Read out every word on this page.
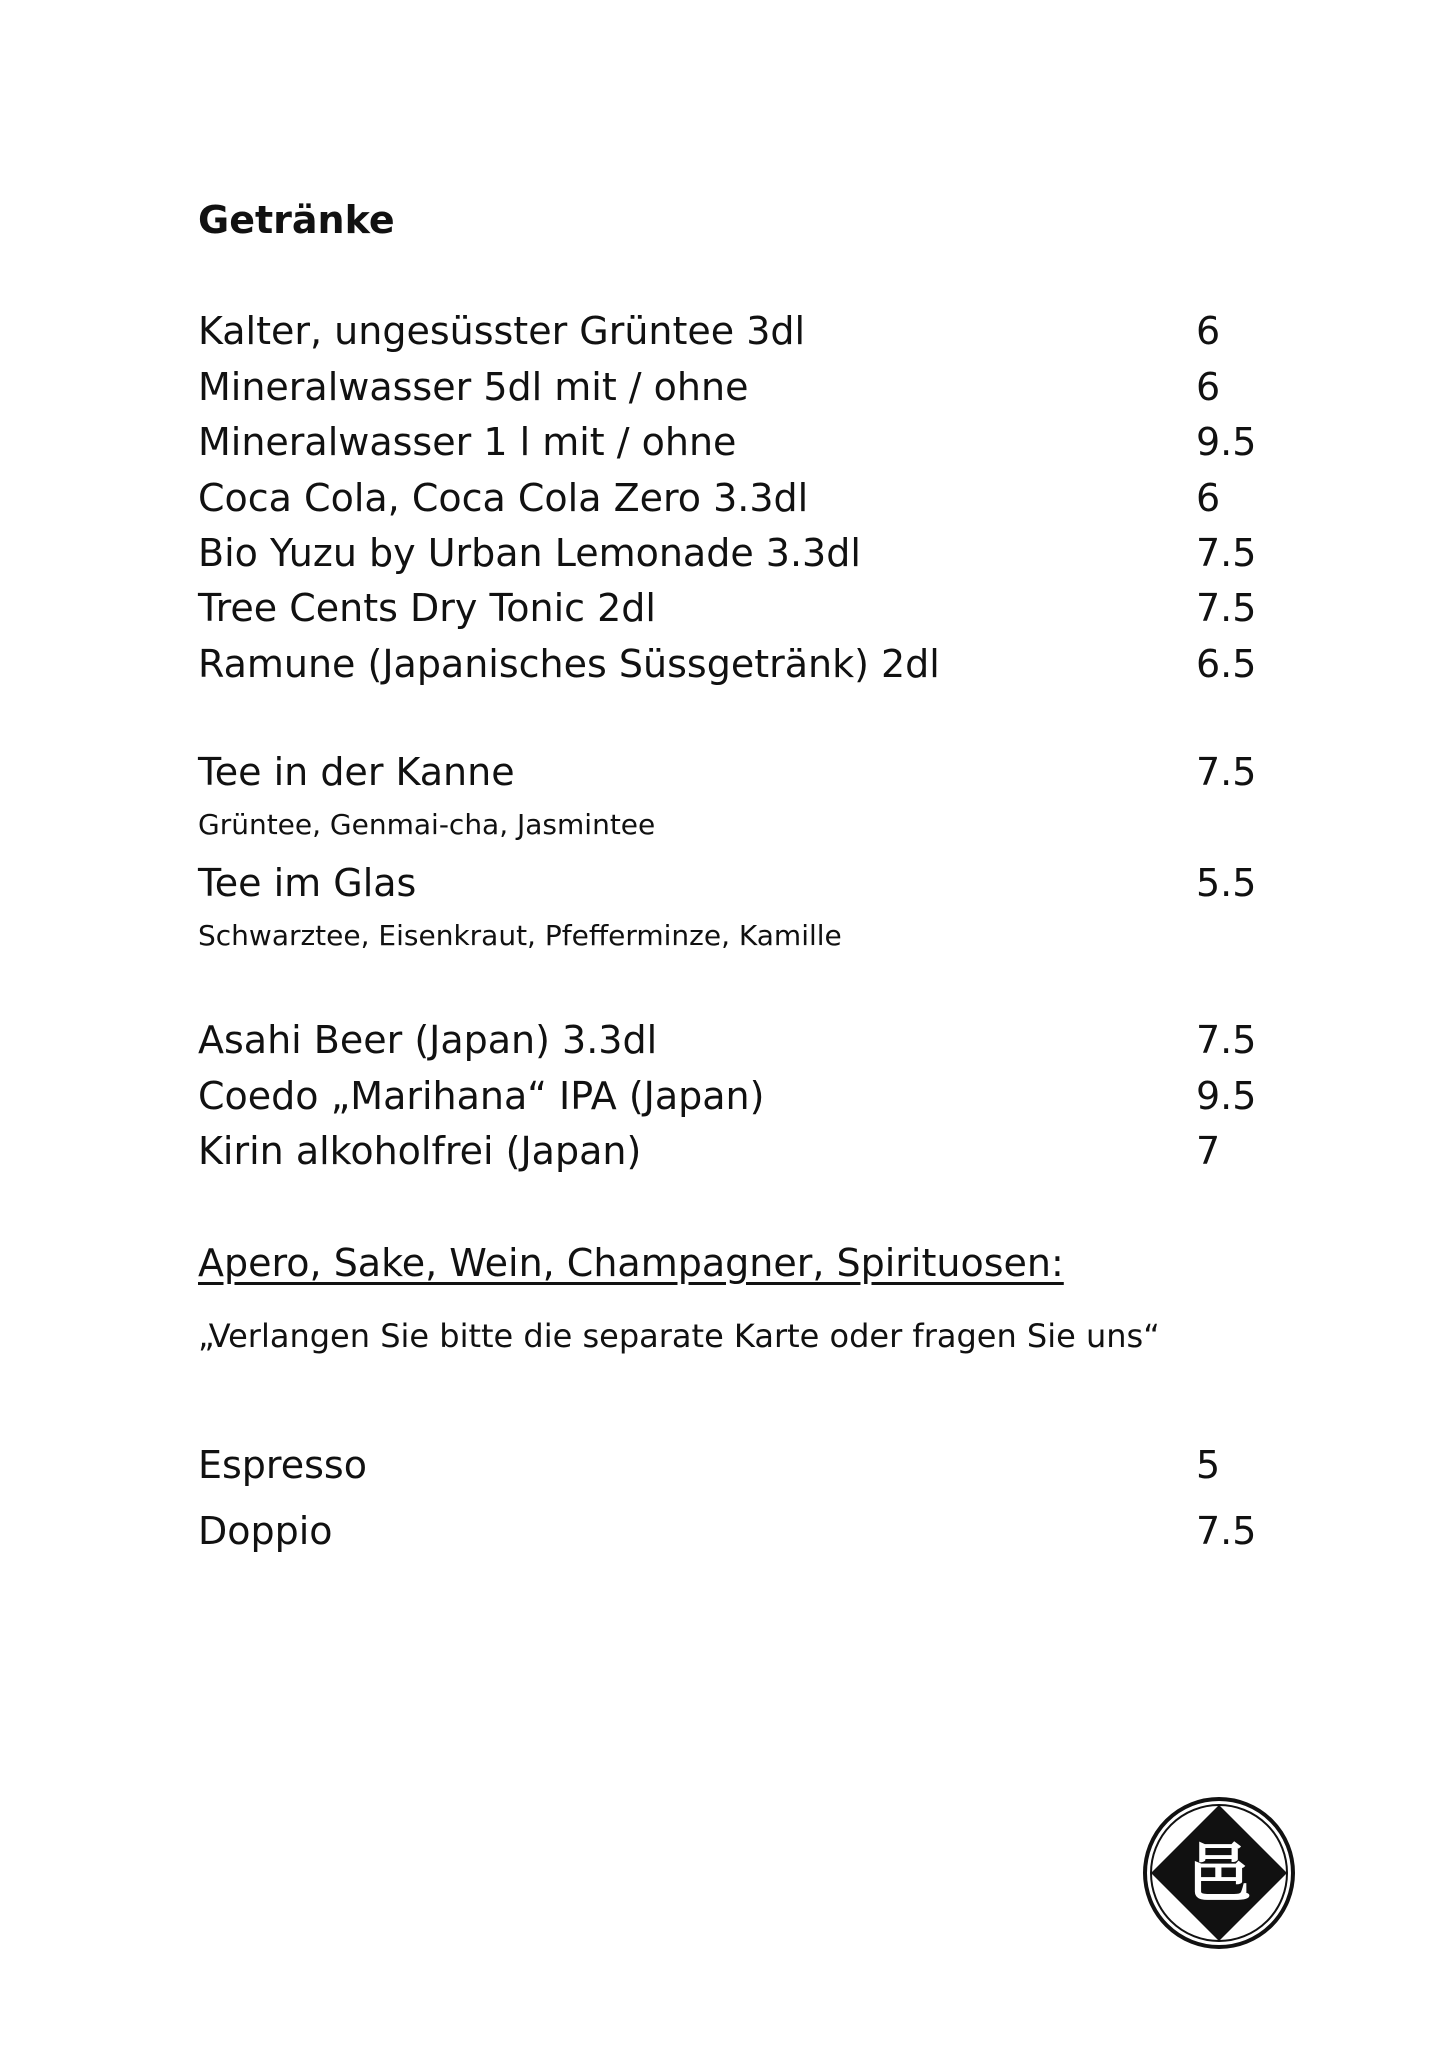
Getränke
Kalter, ungesüsster Grüntee 3dl	6
Mineralwasser 5dl mit / ohne	6
Mineralwasser 1 l mit / ohne	9.5
Coca Cola, Coca Cola Zero 3.3dl	6
Bio Yuzu by Urban Lemonade 3.3dl	7.5
Tree Cents Dry Tonic 2dl	7.5
Ramune (Japanisches Süssgetränk) 2dl	6.5
Tee in der Kanne	7.5
Grüntee, Genmai-cha, Jasmintee
Tee im Glas	5.5
Schwarztee, Eisenkraut, Pfefferminze, Kamille
Asahi Beer (Japan) 3.3dl	7.5
Coedo „Marihana“ IPA (Japan)	9.5
Kirin alkoholfrei (Japan)	7
Apero, Sake, Wein, Champagner, Spirituosen:
„Verlangen Sie bitte die separate Karte oder fragen Sie uns“
Espresso	5
Doppio	7.5
邑
